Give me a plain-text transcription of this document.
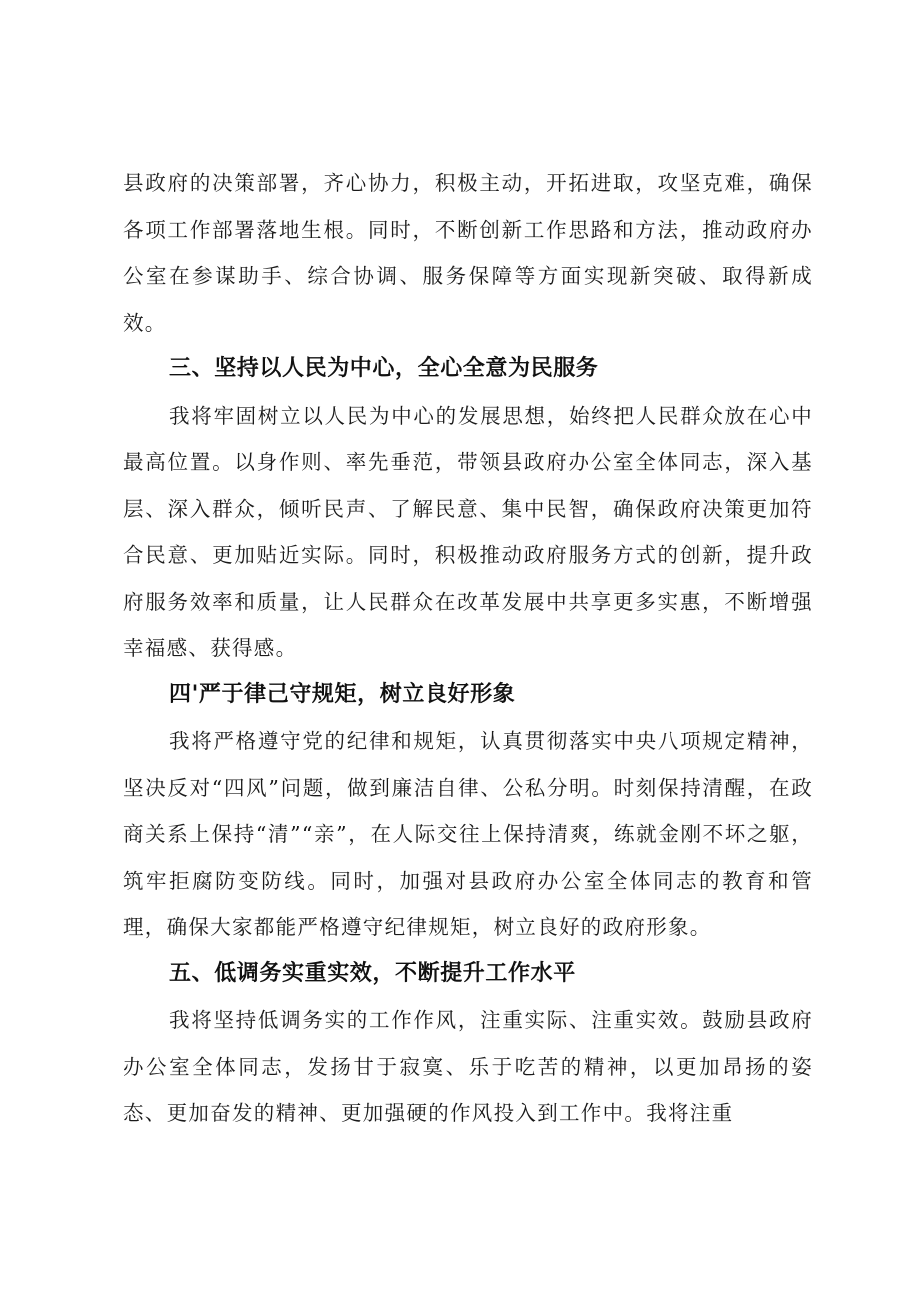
县政府的决策部署，齐心协力，积极主动，开拓进取，攻坚克难，确保各项工作部署落地生根。同时，不断创新工作思路和方法，推动政府办公室在参谋助手、综合协调、服务保障等方面实现新突破、取得新成效。

三、坚持以人民为中心，全心全意为民服务

我将牢固树立以人民为中心的发展思想，始终把人民群众放在心中最高位置。以身作则、率先垂范，带领县政府办公室全体同志，深入基层、深入群众，倾听民声、了解民意、集中民智，确保政府决策更加符合民意、更加贴近实际。同时，积极推动政府服务方式的创新，提升政府服务效率和质量，让人民群众在改革发展中共享更多实惠，不断增强幸福感、获得感。

四'严于律己守规矩，树立良好形象

我将严格遵守党的纪律和规矩，认真贯彻落实中央八项规定精神，坚决反对“四风”问题，做到廉洁自律、公私分明。时刻保持清醒，在政商关系上保持“清”“亲”，在人际交往上保持清爽，练就金刚不坏之躯，筑牢拒腐防变防线。同时，加强对县政府办公室全体同志的教育和管理，确保大家都能严格遵守纪律规矩，树立良好的政府形象。

五、低调务实重实效，不断提升工作水平

我将坚持低调务实的工作作风，注重实际、注重实效。鼓励县政府办公室全体同志，发扬甘于寂寞、乐于吃苦的精神，以更加昂扬的姿态、更加奋发的精神、更加强硬的作风投入到工作中。我将注重
